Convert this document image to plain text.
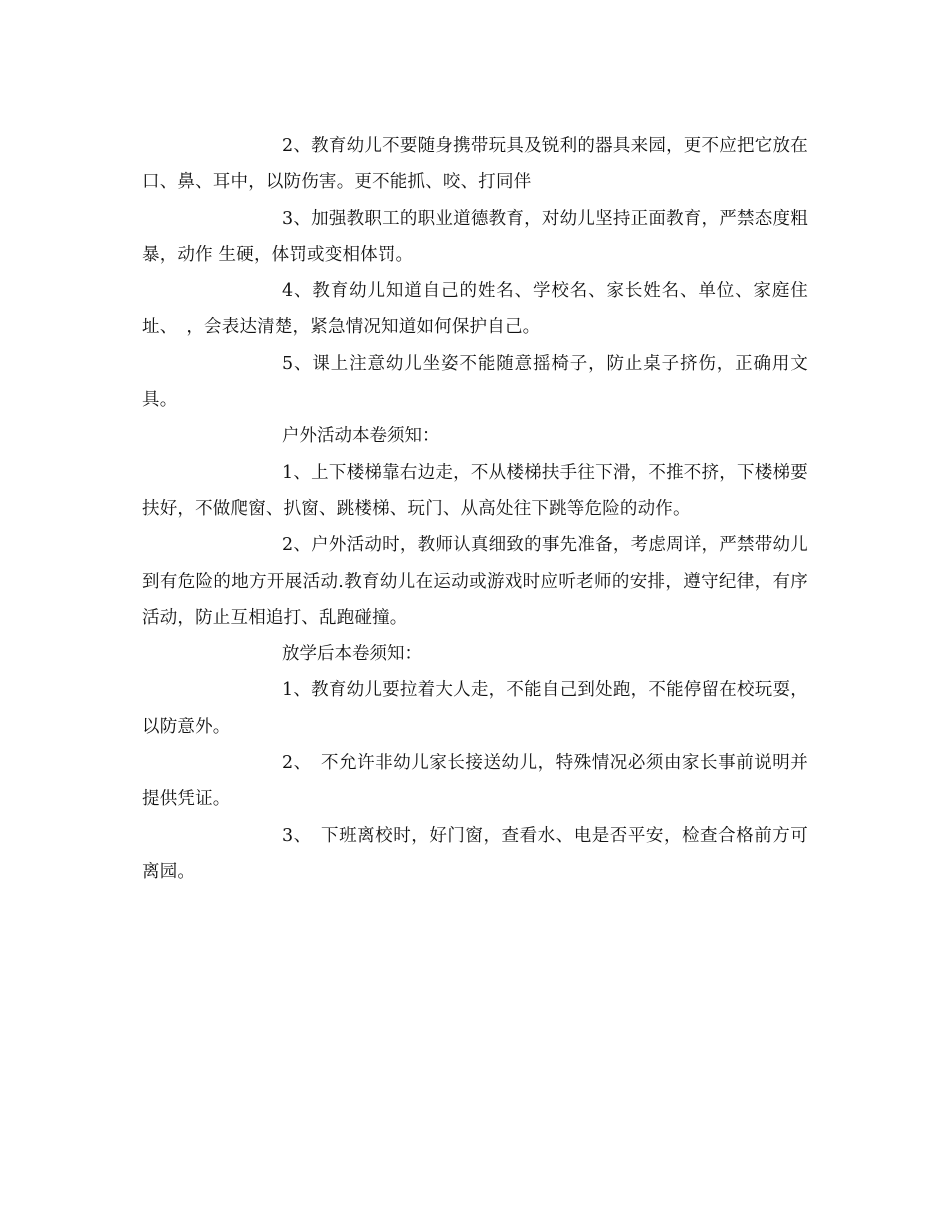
2、教育幼儿不要随身携带玩具及锐利的器具来园，更不应把它放在口、鼻、耳中，以防伤害。更不能抓、咬、打同伴

3、加强教职工的职业道德教育，对幼儿坚持正面教育，严禁态度粗暴，动作 生硬，体罚或变相体罚。

4、教育幼儿知道自己的姓名、学校名、家长姓名、单位、家庭住址、　，会表达清楚，紧急情况知道如何保护自己。

5、课上注意幼儿坐姿不能随意摇椅子，防止桌子挤伤，正确用文具。

户外活动本卷须知：

1、上下楼梯靠右边走，不从楼梯扶手往下滑，不推不挤，下楼梯要扶好，不做爬窗、扒窗、跳楼梯、玩门、从高处往下跳等危险的动作。

2、户外活动时，教师认真细致的事先准备，考虑周详，严禁带幼儿到有危险的地方开展活动.教育幼儿在运动或游戏时应听老师的安排，遵守纪律，有序活动，防止互相追打、乱跑碰撞。

放学后本卷须知：

1、教育幼儿要拉着大人走，不能自己到处跑，不能停留在校玩耍，以防意外。

2、　不允许非幼儿家长接送幼儿，特殊情况必须由家长事前说明并提供凭证。

3、　下班离校时，好门窗，查看水、电是否平安，检查合格前方可离园。
